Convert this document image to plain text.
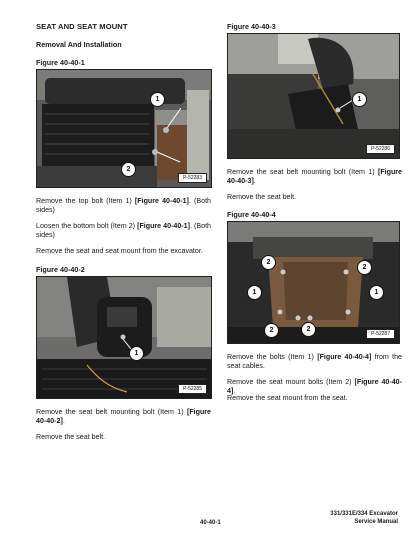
SEAT AND SEAT MOUNT
Removal And Installation
Figure 40-40-1
1
2
P-52283
Remove the top bolt (Item 1) [Figure 40-40-1]. (Both sides)
Loosen the bottom bolt (Item 2) [Figure 40-40-1]. (Both sides)
Remove the seat and seat mount from the excavator.
Figure 40-40-2
1
P-52285
Remove the seat belt mounting bolt (Item 1) [Figure 40-40-2].
Remove the seat belt.
Figure 40-40-3
1
P-52286
Remove the seat belt mounting bolt (Item 1) [Figure 40-40-3].
Remove the seat belt.
Figure 40-40-4
2
2
1	1
2	2
P-52287
Remove the bolts (Item 1) [Figure 40-40-4] from the seat cables.
Remove the seat mount bolts (Item 2) [Figure 40-40-4].
Remove the seat mount from the seat.
331/331E/334 Excavator
Service Manual
40-40-1
